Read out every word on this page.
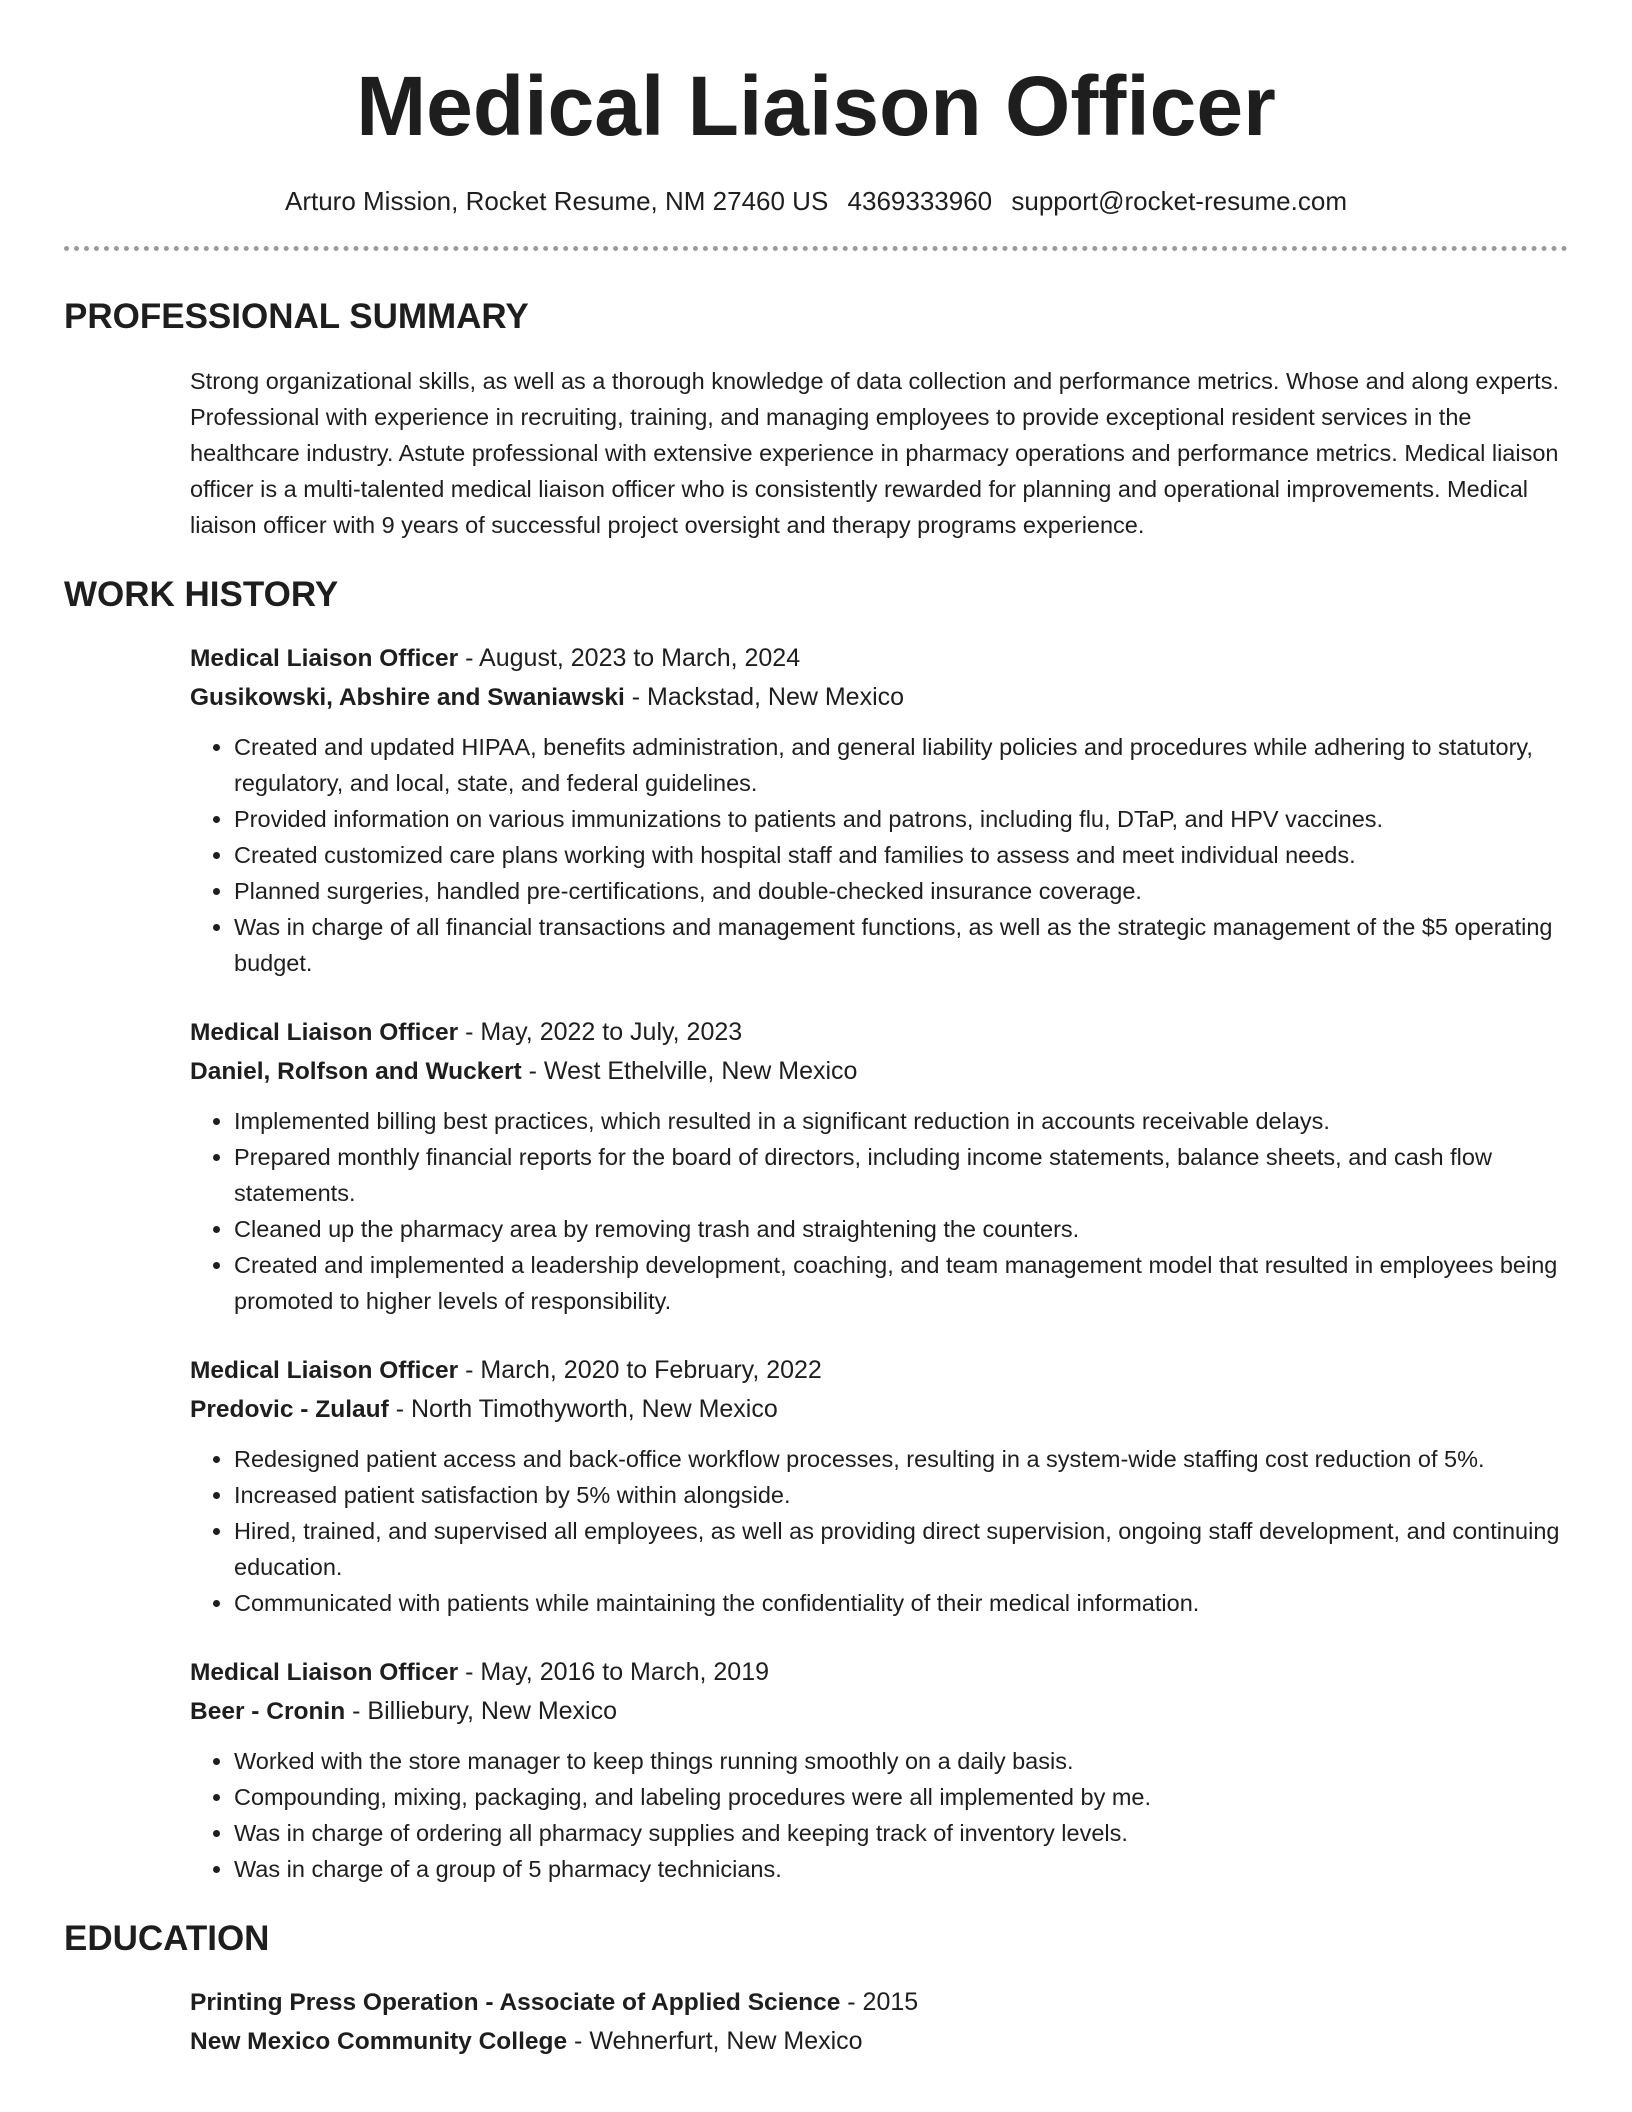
Medical Liaison Officer
Arturo Mission, Rocket Resume, NM 27460 US 4369333960 support@rocket-resume.com
PROFESSIONAL SUMMARY
Strong organizational skills, as well as a thorough knowledge of data collection and performance metrics. Whose and along experts. Professional with experience in recruiting, training, and managing employees to provide exceptional resident services in the healthcare industry. Astute professional with extensive experience in pharmacy operations and performance metrics. Medical liaison officer is a multi-talented medical liaison officer who is consistently rewarded for planning and operational improvements. Medical liaison officer with 9 years of successful project oversight and therapy programs experience.
WORK HISTORY
Medical Liaison Officer - August, 2023 to March, 2024
Gusikowski, Abshire and Swaniawski - Mackstad, New Mexico
• Created and updated HIPAA, benefits administration, and general liability policies and procedures while adhering to statutory, regulatory, and local, state, and federal guidelines.
• Provided information on various immunizations to patients and patrons, including flu, DTaP, and HPV vaccines.
• Created customized care plans working with hospital staff and families to assess and meet individual needs.
• Planned surgeries, handled pre-certifications, and double-checked insurance coverage.
• Was in charge of all financial transactions and management functions, as well as the strategic management of the $5 operating budget.
Medical Liaison Officer - May, 2022 to July, 2023
Daniel, Rolfson and Wuckert - West Ethelville, New Mexico
• Implemented billing best practices, which resulted in a significant reduction in accounts receivable delays.
• Prepared monthly financial reports for the board of directors, including income statements, balance sheets, and cash flow statements.
• Cleaned up the pharmacy area by removing trash and straightening the counters.
• Created and implemented a leadership development, coaching, and team management model that resulted in employees being promoted to higher levels of responsibility.
Medical Liaison Officer - March, 2020 to February, 2022
Predovic - Zulauf - North Timothyworth, New Mexico
• Redesigned patient access and back-office workflow processes, resulting in a system-wide staffing cost reduction of 5%.
• Increased patient satisfaction by 5% within alongside.
• Hired, trained, and supervised all employees, as well as providing direct supervision, ongoing staff development, and continuing education.
• Communicated with patients while maintaining the confidentiality of their medical information.
Medical Liaison Officer - May, 2016 to March, 2019
Beer - Cronin - Billiebury, New Mexico
• Worked with the store manager to keep things running smoothly on a daily basis.
• Compounding, mixing, packaging, and labeling procedures were all implemented by me.
• Was in charge of ordering all pharmacy supplies and keeping track of inventory levels.
• Was in charge of a group of 5 pharmacy technicians.
EDUCATION
Printing Press Operation - Associate of Applied Science - 2015
New Mexico Community College - Wehnerfurt, New Mexico
